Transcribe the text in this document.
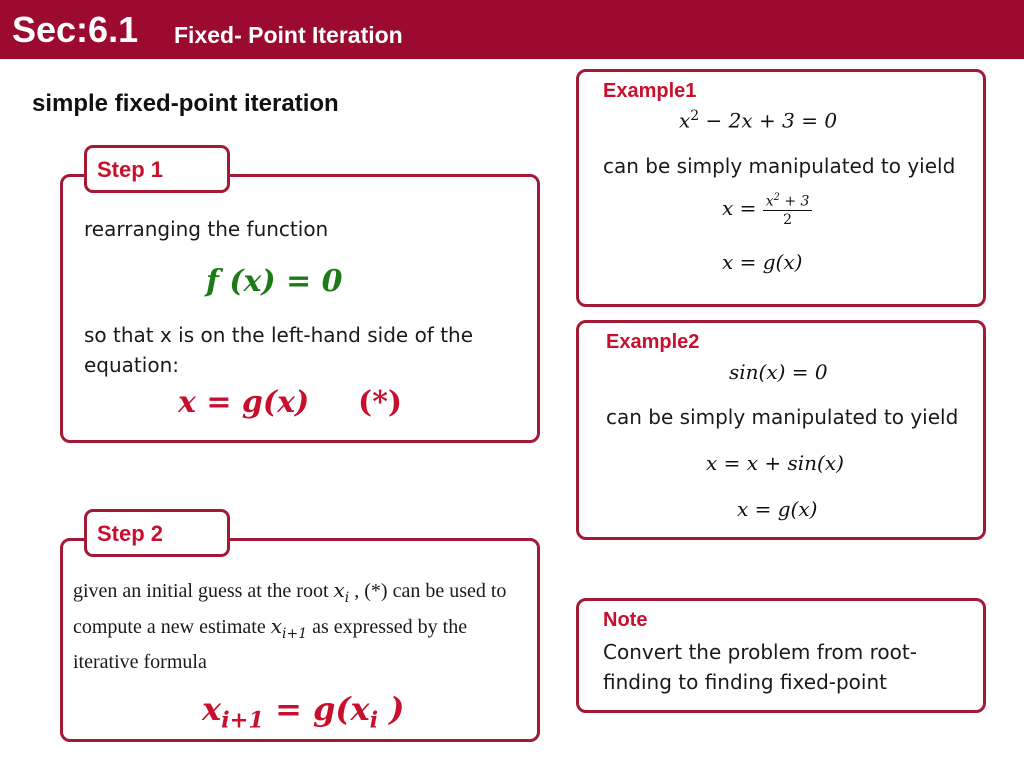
Sec:6.1 Fixed- Point Iteration
simple fixed-point iteration
Step 1
rearranging the function
f (x) = 0
so that x is on the left-hand side of the equation:
x = g(x) (*)
Step 2
given an initial guess at the root $x_i$ , (*) can be used to compute a new estimate $x_{i+1}$ as expressed by the iterative formula
$x_{i+1} = g(x_i$ )
Example1
$x^2 - 2x + 3 = 0$
can be simply manipulated to yield
$x = \frac{x^2 + 3}{2}$
x = g(x)
Example2
sin(x) = 0
can be simply manipulated to yield
x = x + sin(x)
x = g(x)
Note
Convert the problem from root-finding to finding fixed-point
